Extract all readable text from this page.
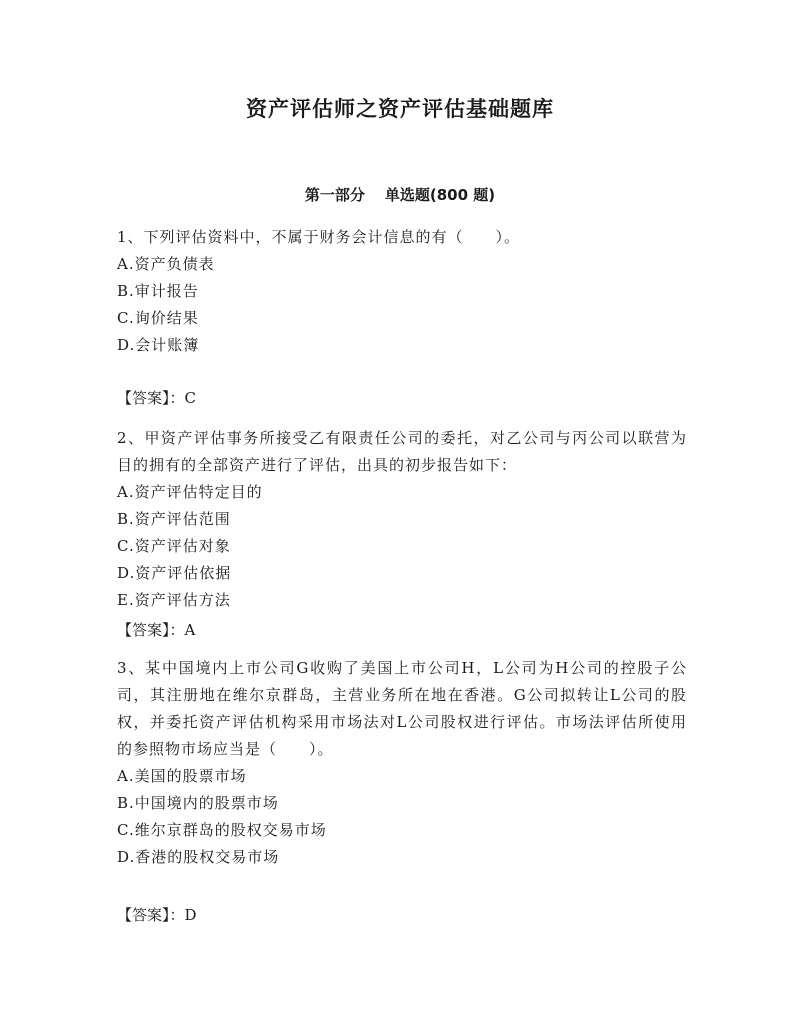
资产评估师之资产评估基础题库
第一部分 单选题(800 题)

1、下列评估资料中，不属于财务会计信息的有（　　）。

A.资产负债表

B.审计报告

C.询价结果

D.会计账簿

【答案】：C

2、甲资产评估事务所接受乙有限责任公司的委托，对乙公司与丙公司以联营为目的拥有的全部资产进行了评估，出具的初步报告如下：

A.资产评估特定目的

B.资产评估范围

C.资产评估对象

D.资产评估依据

E.资产评估方法

【答案】：A

3、某中国境内上市公司G收购了美国上市公司H，L公司为H公司的控股子公司，其注册地在维尔京群岛，主营业务所在地在香港。G公司拟转让L公司的股权，并委托资产评估机构采用市场法对L公司股权进行评估。市场法评估所使用的参照物市场应当是（　　）。

A.美国的股票市场

B.中国境内的股票市场

C.维尔京群岛的股权交易市场

D.香港的股权交易市场

【答案】：D
